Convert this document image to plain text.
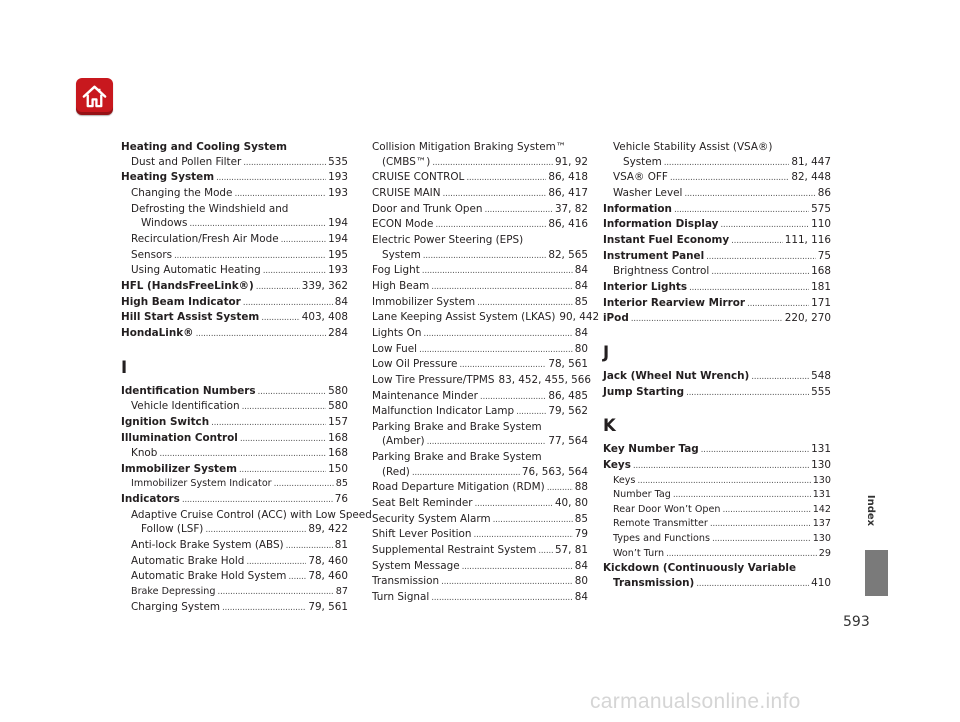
Heating and Cooling System
Dust and Pollen Filter . . .	535
Heating System . . .	193
Changing the Mode . . .	193
Defrosting the Windshield and
Windows . . .	194
Recirculation/Fresh Air Mode . . .	194
Sensors . . .	195
Using Automatic Heating . . .	193
HFL (HandsFreeLink®) . . .	339, 362
High Beam Indicator . . .	84
Hill Start Assist System . . .	403, 408
HondaLink® . . .	284
I
Identification Numbers . . .	580
Vehicle Identification . . .	580
Ignition Switch . . .	157
Illumination Control . . .	168
Knob . . .	168
Immobilizer System . . .	150
Immobilizer System Indicator . . .	85
Indicators . . .	76
Adaptive Cruise Control (ACC) with Low Speed
Follow (LSF) . . .	89, 422
Anti-lock Brake System (ABS) . . .	81
Automatic Brake Hold . . .	78, 460
Automatic Brake Hold System . . . 78, 460
Brake Depressing . . .	87
Charging System . . .	79, 561
Collision Mitigation Braking System™
(CMBS™) . . .	91, 92
CRUISE CONTROL . . .	86, 418
CRUISE MAIN . . .	86, 417
Door and Trunk Open . . .	37, 82
ECON Mode . . .	86, 416
Electric Power Steering (EPS)
System . . .	82, 565
Fog Light . . .	84
High Beam . . .	84
Immobilizer System . . .	85
Lane Keeping Assist System (LKAS) 90, 442
Lights On . . .	84
Low Fuel . . .	80
Low Oil Pressure . . .	78, 561
Low Tire Pressure/TPMS 83, 452, 455, 566
Maintenance Minder . . .	86, 485
Malfunction Indicator Lamp . . .	79, 562
Parking Brake and Brake System
(Amber) . . .	77, 564
Parking Brake and Brake System
(Red) . . .	76, 563, 564
Road Departure Mitigation (RDM) . . .	88
Seat Belt Reminder . . .	40, 80
Security System Alarm . . .	85
Shift Lever Position . . .	79
Supplemental Restraint System . . . 57, 81
System Message . . .	84
Transmission . . .	80
Turn Signal . . .	84
Vehicle Stability Assist (VSA®)
System . . .	81, 447
VSA® OFF . . .	82, 448
Washer Level . . .	86
Information . . .	575
Information Display . . .	110
Instant Fuel Economy . . .	111, 116
Instrument Panel . . .	75
Brightness Control . . .	168
Interior Lights . . .	181
Interior Rearview Mirror . . .	171
iPod . . .	220, 270
J
Jack (Wheel Nut Wrench) . . .	548
Jump Starting . . .	555
K
Key Number Tag . . .	131
Keys . . .	130
Keys . . .	130
Number Tag . . .	131
Rear Door Won’t Open . . .	142
Remote Transmitter . . .	137
Types and Functions . . .	130
Won’t Turn . . .	29
Kickdown (Continuously Variable
Transmission) . . .	410
Index
593
carmanualsonline.info
